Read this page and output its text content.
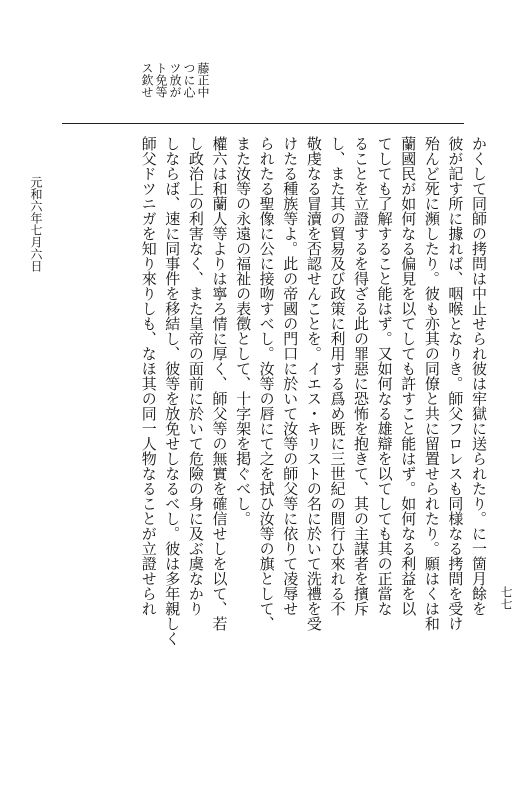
藤正中
つに心
ツ放が
ト免等
ス欽せ
かくして同師の拷問は中止せられ彼は牢獄に送られたり。に一箇月餘を
彼が記す所に據れば、咽喉となりき。師父フロレスも同様なる拷問を受け
殆んど死に瀕したり。彼も亦其の同僚と共に留置せられたり。願はくは和
蘭國民が如何なる偏見を以てしても許すこと能はず。如何なる利益を以
てしても了解すること能はず。又如何なる雄辯を以てしても其の正當な
ることを立證するを得ざる此の罪惡に恐怖を抱きて、其の主謀者を擯斥
し、また其の貿易及び政策に利用する爲め既に三世紀の間行ひ來れる不
敬虔なる冒瀆を否認せんことを。イエス・キリストの名に於いて洗禮を受
けたる種族等よ。此の帝國の門口に於いて汝等の師父等に依りて凌辱せ
られたる聖像に公に接吻すべし。汝等の唇にて之を拭ひ汝等の旗として、
また汝等の永遠の福祉の表徴として、十字架を掲ぐべし。
權六は和蘭人等よりは寧ろ情に厚く、師父等の無實を確信せしを以て、若
し政治上の利害なく、また皇帝の面前に於いて危險の身に及ぶ虞なかり
しならば、速に同事件を移結し、彼等を放免せしなるべし。彼は多年親しく
師父ドツニガを知り來りしも、なほ其の同一人物なることが立證せられ
元和六年七月六日
七七
